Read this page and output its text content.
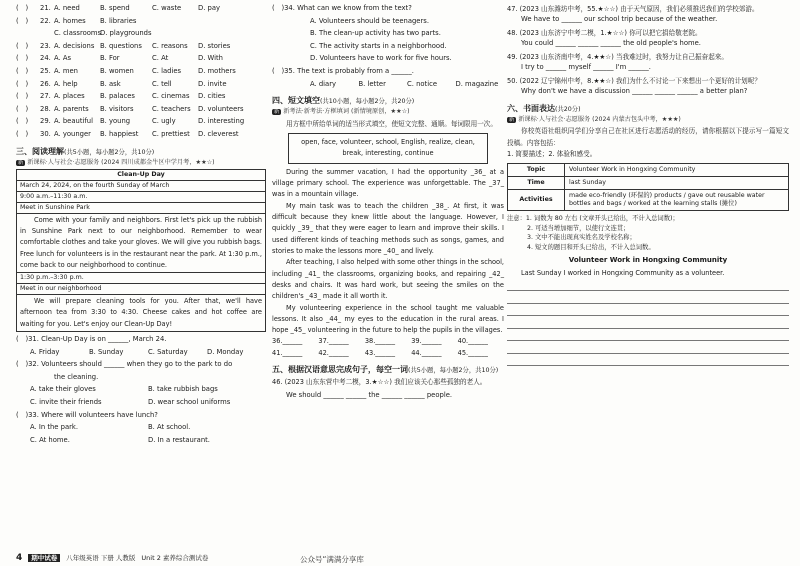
(　)	21. A. need	B. spend	C. waste	D. pay
(　)	22. A. homes	B. libraries
C. classrooms
D. playgrounds
(　)	23. A. decisions B. questions	C. reasons	D. stories
(　)	24. A. As	B. For	C. At	D. With
(　)	25. A. men	B. women	C. ladies	D. mothers
(　)	26. A. help	B. ask	C. tell	D. invite
(　)	27. A. places	B. palaces	C. cinemas	D. cities
(　)	28. A. parents	B. visitors	C. teachers	D. volunteers
(　)	29. A. beautiful	B. young	C. ugly	D. interesting
(　)	30. A. younger	B. happiest	C. prettiest	D. cleverest
三、阅读理解(共5小题，每小题2分，共10分)
新 新课标·人与社会·志愿服务 (2024 四川成都金牛区中学月考，★★☆)
Clean-Up Day
March 24, 2024, on the fourth Sunday of March
9:00 a.m.–11:30 a.m.
Meet in Sunshine Park

Come with your family and neighbors. First let's pick up the rubbish in Sunshine Park next to our neighborhood. Remember to wear comfortable clothes and take your gloves. We will give you rubbish bags. Free lunch for volunteers is in the restaurant near the park. At 1:30 p.m., come back to our neighborhood to continue.

1:30 p.m.–3:30 p.m.
Meet in our neighborhood

We will prepare cleaning tools for you. After that, we'll have afternoon tea from 3:30 to 4:30. Cheese cakes and hot coffee are waiting for you. Let's enjoy our Clean-Up Day!

(　)31. Clean-Up Day is on ______, March 24.
A. Friday	B. Sunday	C. Saturday	D. Monday
(　)32. Volunteers should ______ when they go to the park to do
the cleaning.
A. take their gloves	B. take rubbish bags
C. invite their friends	D. wear school uniforms
(　)33. Where will volunteers have lunch?
A. In the park.	B. At school.
C. At home.	D. In a restaurant.
(　)34. What can we know from the text?
A. Volunteers should be teenagers.
B. The clean-up activity has two parts.
C. The activity starts in a neighborhood.
D. Volunteers have to work for five hours.
(　)35. The text is probably from a ______.
A. diary	B. letter	C. notice	D. magazine
四、短文填空(共10小题，每小题2分，共20分)
新 新考法·新考法·方框填词 (新情境原创，★★☆)

用方框中所给单词的适当形式填空，使短文完整、通顺。每词限用一次。

open, face, volunteer, school, English, realize, clean, break, interesting, continue

During the summer vacation, I had the opportunity _36_ at a village primary school. The experience was unforgettable. The _37_ was in a mountain village.

My main task was to teach the children _38_. At first, it was difficult because they knew little about the language. However, I quickly _39_ that they were eager to learn and improve their skills. I used different kinds of teaching methods such as songs, games, and stories to make the lessons more _40_ and lively.

After teaching, I also helped with some other things in the school, including _41_ the classrooms, organizing books, and repairing _42_ desks and chairs. It was hard work, but seeing the smiles on the children's _43_ made it all worth it.

My volunteering experience in the school taught me valuable lessons. It also _44_ my eyes to the education in the rural areas. I hope _45_ volunteering in the future to help the pupils in the villages.

36.______	37.______	38.______	39.______	40.______
41.______	42.______	43.______	44.______	45.______
五、根据汉语意思完成句子，每空一词(共5小题，每小题2分，共10分)
46. (2023 山东东营中考二模，3.★☆☆) 我们应该关心那些孤独的老人。
We should ______ ______ the ______ ______ people.
47. (2023 山东潍坊中考，55.★☆☆) 由于天气原因，我们必须推迟我们的学校郊游。
We have to ______ our school trip because of the weather.
48. (2023 山东济宁中考二模，1.★☆☆) 你可以把它捐给敬老院。
You could ______ ______ ______ the old people's home.
49. (2023 山东济南中考，4.★★☆) 当我难过时，我努力让自己振奋起来。
I try to ______ myself ______ I'm ______.
50. (2022 辽宁锦州中考，8.★★☆) 我们为什么不讨论一下来想出一个更好的计划呢？
Why don't we have a discussion ______ ______ ______ a better plan?
六、书面表达(共20分)
新 新课标·人与社会·志愿服务 (2024 内蒙古包头中考，★★★)

你校英语社组织同学们分享自己在社区进行志愿活动的经历，请你根据以下提示写一篇短文投稿。内容包括：

1. 简要描述；2. 体验和感受。
Topic	Volunteer Work in Hongxing Community
Time	last Sunday
Activities	made eco-friendly (环保的) products / gave out reusable water bottles and bags / worked at the learning stalls (摊位)
注意：1. 词数为 80 左右 (文章开头已给出，不计入总词数)；
2. 可适当增加细节，以使行文连贯；
3. 文中不能出现真实姓名及学校名称；
4. 短文的题目和开头已给出，不计入总词数。
Volunteer Work in Hongxing Community
Last Sunday I worked in Hongxing Community as a volunteer.
4	期中试卷	八年级英语 下册 人教版 Unit 2 素养综合测试卷	公众号“满满分享库
